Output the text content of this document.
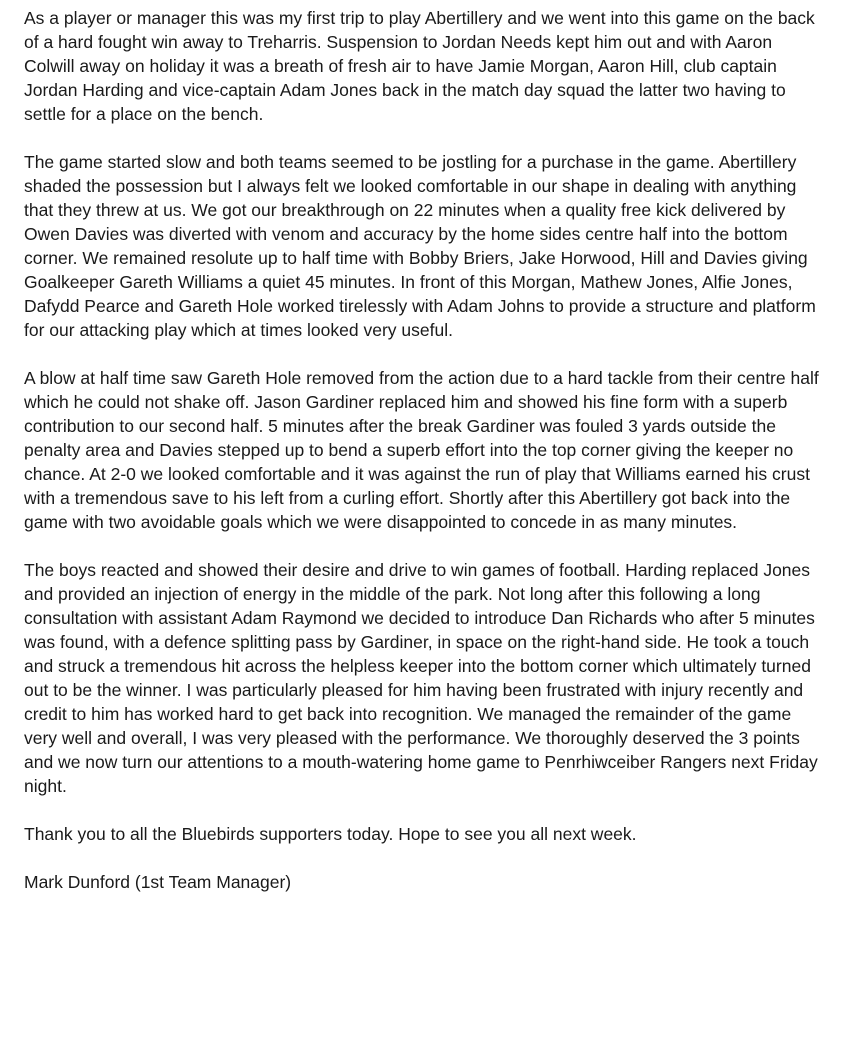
As a player or manager this was my first trip to play Abertillery and we went into this game on the back of a hard fought win away to Treharris. Suspension to Jordan Needs kept him out and with Aaron Colwill away on holiday it was a breath of fresh air to have Jamie Morgan, Aaron Hill, club captain Jordan Harding and vice-captain Adam Jones back in the match day squad the latter two having to settle for a place on the bench.

The game started slow and both teams seemed to be jostling for a purchase in the game. Abertillery shaded the possession but I always felt we looked comfortable in our shape in dealing with anything that they threw at us. We got our breakthrough on 22 minutes when a quality free kick delivered by Owen Davies was diverted with venom and accuracy by the home sides centre half into the bottom corner. We remained resolute up to half time with Bobby Briers, Jake Horwood, Hill and Davies giving Goalkeeper Gareth Williams a quiet 45 minutes. In front of this Morgan, Mathew Jones, Alfie Jones, Dafydd Pearce and Gareth Hole worked tirelessly with Adam Johns to provide a structure and platform for our attacking play which at times looked very useful.

A blow at half time saw Gareth Hole removed from the action due to a hard tackle from their centre half which he could not shake off. Jason Gardiner replaced him and showed his fine form with a superb contribution to our second half. 5 minutes after the break Gardiner was fouled 3 yards outside the penalty area and Davies stepped up to bend a superb effort into the top corner giving the keeper no chance. At 2-0 we looked comfortable and it was against the run of play that Williams earned his crust with a tremendous save to his left from a curling effort. Shortly after this Abertillery got back into the game with two avoidable goals which we were disappointed to concede in as many minutes.

The boys reacted and showed their desire and drive to win games of football. Harding replaced Jones and provided an injection of energy in the middle of the park. Not long after this following a long consultation with assistant Adam Raymond we decided to introduce Dan Richards who after 5 minutes was found, with a defence splitting pass by Gardiner, in space on the right-hand side. He took a touch and struck a tremendous hit across the helpless keeper into the bottom corner which ultimately turned out to be the winner. I was particularly pleased for him having been frustrated with injury recently and credit to him has worked hard to get back into recognition. We managed the remainder of the game very well and overall, I was very pleased with the performance. We thoroughly deserved the 3 points and we now turn our attentions to a mouth-watering home game to Penrhiwceiber Rangers next Friday night.

Thank you to all the Bluebirds supporters today. Hope to see you all next week.

Mark Dunford (1st Team Manager)
